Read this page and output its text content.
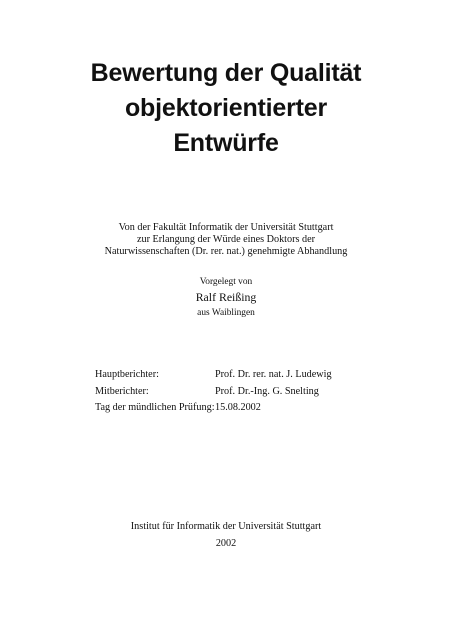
Bewertung der Qualität
objektorientierter
Entwürfe
Von der Fakultät Informatik der Universität Stuttgart
zur Erlangung der Würde eines Doktors der
Naturwissenschaften (Dr. rer. nat.) genehmigte Abhandlung
Vorgelegt von
Ralf Reißing
aus Waiblingen
Hauptberichter:	Prof. Dr. rer. nat. J. Ludewig
Mitberichter:	Prof. Dr.-Ing. G. Snelting
Tag der mündlichen Prüfung: 15.08.2002
Institut für Informatik der Universität Stuttgart
2002
